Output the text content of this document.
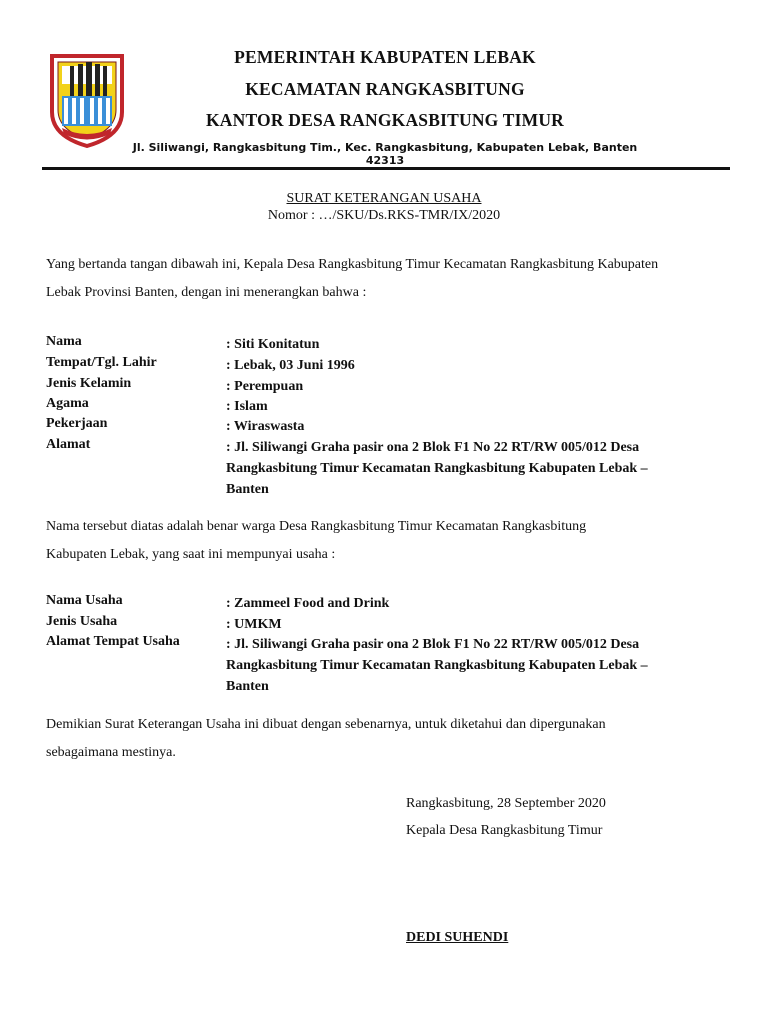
PEMERINTAH KABUPATEN LEBAK
KECAMATAN RANGKASBITUNG
KANTOR DESA RANGKASBITUNG TIMUR
Jl. Siliwangi, Rangkasbitung Tim., Kec. Rangkasbitung, Kabupaten Lebak, Banten 42313
SURAT KETERANGAN USAHA
Nomor : …/SKU/Ds.RKS-TMR/IX/2020
Yang bertanda tangan dibawah ini, Kepala Desa Rangkasbitung Timur Kecamatan Rangkasbitung Kabupaten
Lebak Provinsi Banten, dengan ini menerangkan bahwa :
Nama	: Siti Konitatun
Tempat/Tgl. Lahir	: Lebak, 03 Juni 1996
Jenis Kelamin	: Perempuan
Agama	: Islam
Pekerjaan	: Wiraswasta
Alamat	: Jl. Siliwangi Graha pasir ona 2 Blok F1 No 22 RT/RW 005/012 Desa
Rangkasbitung Timur Kecamatan Rangkasbitung Kabupaten Lebak –
Banten
Nama tersebut diatas adalah benar warga Desa Rangkasbitung Timur Kecamatan Rangkasbitung
Kabupaten Lebak, yang saat ini mempunyai usaha :
Nama Usaha	: Zammeel Food and Drink
Jenis Usaha	: UMKM
Alamat Tempat Usaha	: Jl. Siliwangi Graha pasir ona 2 Blok F1 No 22 RT/RW 005/012 Desa
Rangkasbitung Timur Kecamatan Rangkasbitung Kabupaten Lebak –
Banten
Demikian Surat Keterangan Usaha ini dibuat dengan sebenarnya, untuk diketahui dan dipergunakan
sebagaimana mestinya.
Rangkasbitung, 28 September 2020
Kepala Desa Rangkasbitung Timur
DEDI SUHENDI
